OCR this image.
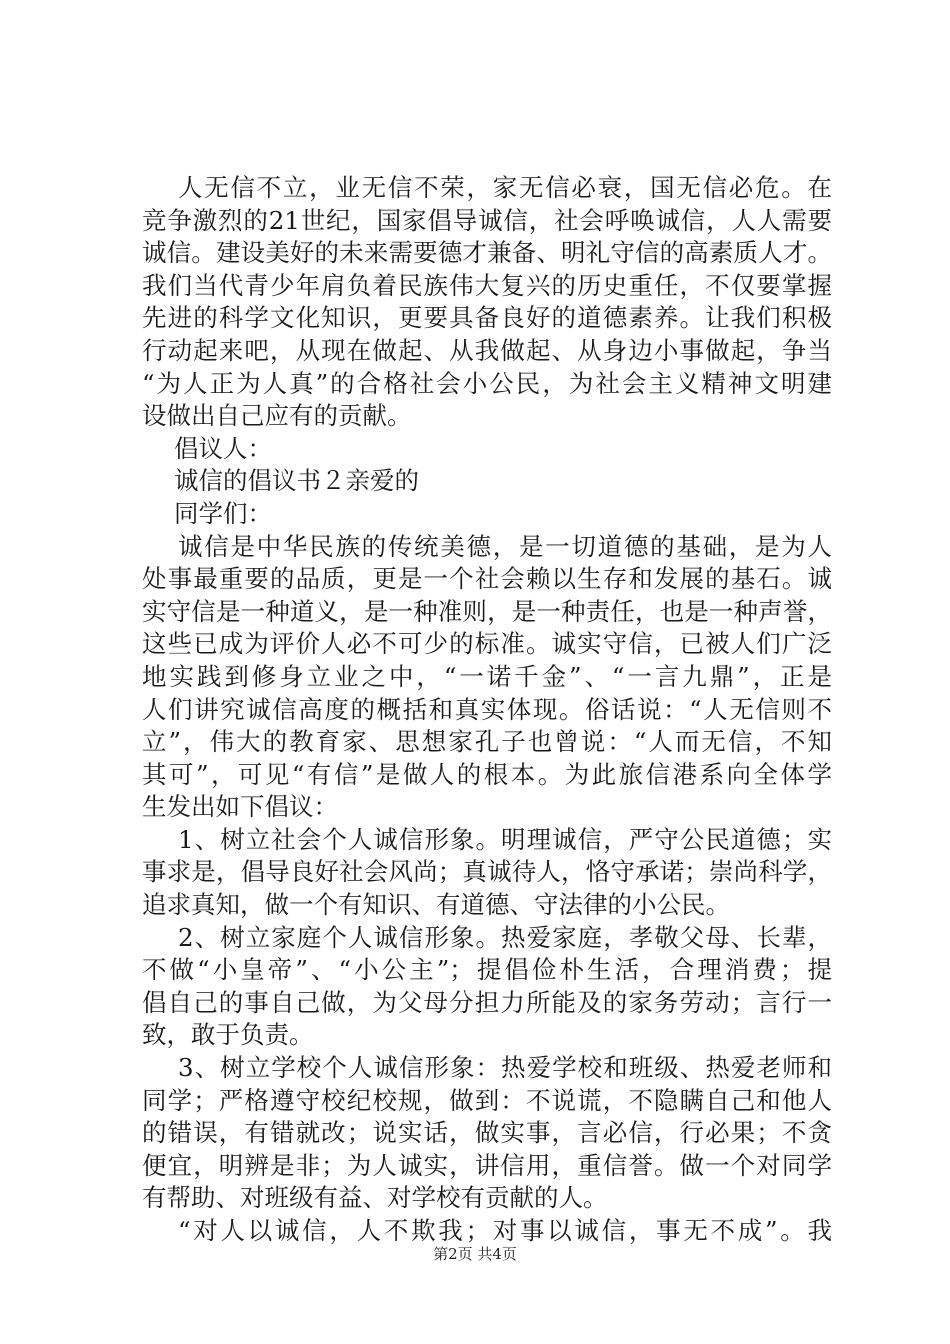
人无信不立，业无信不荣，家无信必衰，国无信必危。在
竞争激烈的21世纪，国家倡导诚信，社会呼唤诚信，人人需要
诚信。建设美好的未来需要德才兼备、明礼守信的高素质人才。
我们当代青少年肩负着民族伟大复兴的历史重任，不仅要掌握
先进的科学文化知识，更要具备良好的道德素养。让我们积极
行动起来吧，从现在做起、从我做起、从身边小事做起，争当
“为人正为人真”的合格社会小公民，为社会主义精神文明建
设做出自己应有的贡献。
倡议人：
诚信的倡议书２亲爱的
同学们：
诚信是中华民族的传统美德，是一切道德的基础，是为人
处事最重要的品质，更是一个社会赖以生存和发展的基石。诚
实守信是一种道义，是一种准则，是一种责任，也是一种声誉，
这些已成为评价人必不可少的标准。诚实守信，已被人们广泛
地实践到修身立业之中，“一诺千金”、“一言九鼎”，正是
人们讲究诚信高度的概括和真实体现。俗话说：“人无信则不
立”，伟大的教育家、思想家孔子也曾说：“人而无信，不知
其可”，可见“有信”是做人的根本。为此旅信港系向全体学
生发出如下倡议：
1、树立社会个人诚信形象。明理诚信，严守公民道德；实
事求是，倡导良好社会风尚；真诚待人，恪守承诺；崇尚科学，
追求真知，做一个有知识、有道德、守法律的小公民。
2、树立家庭个人诚信形象。热爱家庭，孝敬父母、长辈，
不做“小皇帝”、“小公主”；提倡俭朴生活，合理消费；提
倡自己的事自己做，为父母分担力所能及的家务劳动；言行一
致，敢于负责。
3、树立学校个人诚信形象：热爱学校和班级、热爱老师和
同学；严格遵守校纪校规，做到：不说谎，不隐瞒自己和他人
的错误，有错就改；说实话，做实事，言必信，行必果；不贪
便宜，明辨是非；为人诚实，讲信用，重信誉。做一个对同学
有帮助、对班级有益、对学校有贡献的人。
“对人以诚信，人不欺我；对事以诚信，事无不成”。我
第2页 共4页
